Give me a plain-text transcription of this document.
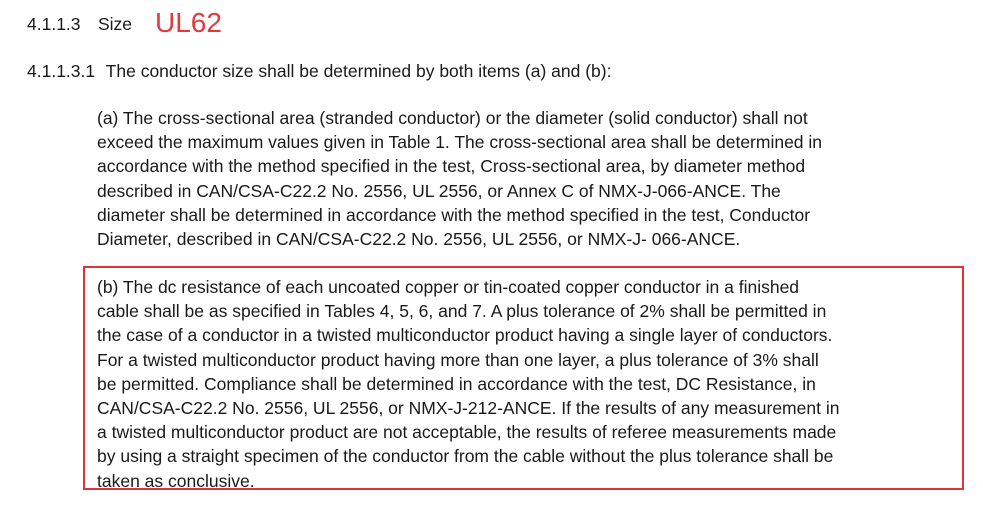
4.1.1.3 Size UL62
4.1.1.3.1 The conductor size shall be determined by both items (a) and (b):
(a) The cross-sectional area (stranded conductor) or the diameter (solid conductor) shall not
exceed the maximum values given in Table 1. The cross-sectional area shall be determined in
accordance with the method specified in the test, Cross-sectional area, by diameter method
described in CAN/CSA-C22.2 No. 2556, UL 2556, or Annex C of NMX-J-066-ANCE. The
diameter shall be determined in accordance with the method specified in the test, Conductor
Diameter, described in CAN/CSA-C22.2 No. 2556, UL 2556, or NMX-J- 066-ANCE.
(b) The dc resistance of each uncoated copper or tin-coated copper conductor in a finished
cable shall be as specified in Tables 4, 5, 6, and 7. A plus tolerance of 2% shall be permitted in
the case of a conductor in a twisted multiconductor product having a single layer of conductors.
For a twisted multiconductor product having more than one layer, a plus tolerance of 3% shall
be permitted. Compliance shall be determined in accordance with the test, DC Resistance, in
CAN/CSA-C22.2 No. 2556, UL 2556, or NMX-J-212-ANCE. If the results of any measurement in
a twisted multiconductor product are not acceptable, the results of referee measurements made
by using a straight specimen of the conductor from the cable without the plus tolerance shall be
taken as conclusive.
